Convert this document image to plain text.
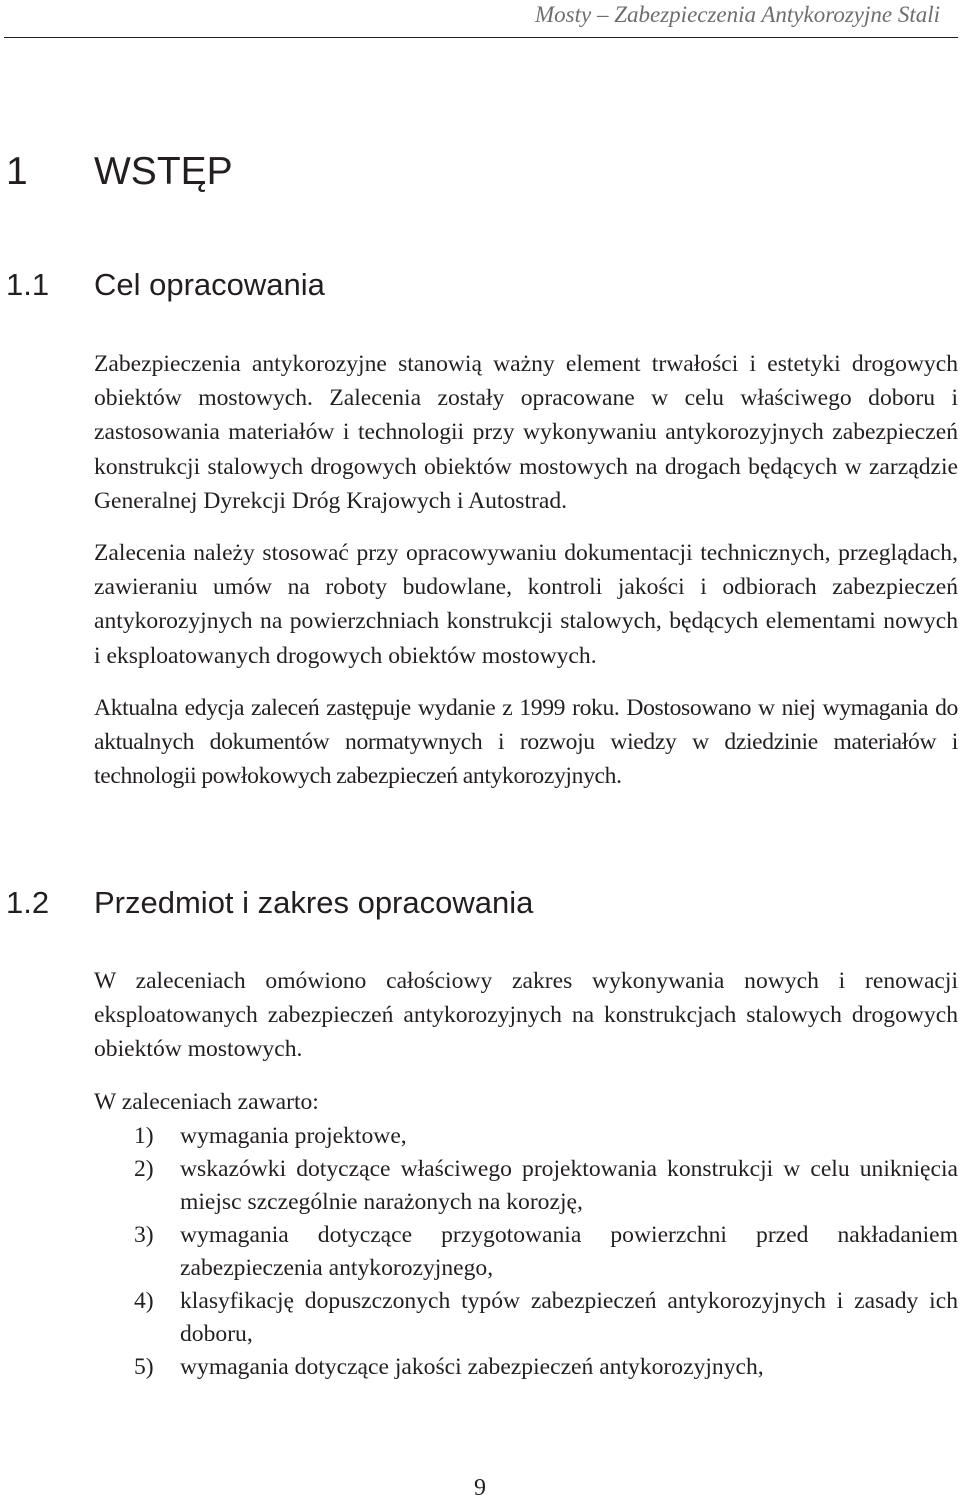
Mosty – Zabezpieczenia Antykorozyjne Stali
1 WSTĘP
1.1 Cel opracowania

Zabezpieczenia antykorozyjne stanowią ważny element trwałości i estetyki drogowych obiektów mostowych. Zalecenia zostały opracowane w celu właściwego doboru i zastosowania materiałów i technologii przy wykonywaniu antykorozyjnych zabezpieczeń konstrukcji stalowych drogowych obiektów mostowych na drogach będących w zarządzie Generalnej Dyrekcji Dróg Krajowych i Autostrad.

Zalecenia należy stosować przy opracowywaniu dokumentacji technicznych, przeglądach, zawieraniu umów na roboty budowlane, kontroli jakości i odbiorach zabezpieczeń antykorozyjnych na powierzchniach konstrukcji stalowych, będących elementami nowych i eksploatowanych drogowych obiektów mostowych.

Aktualna edycja zaleceń zastępuje wydanie z 1999 roku. Dostosowano w niej wymagania do aktualnych dokumentów normatywnych i rozwoju wiedzy w dziedzinie materiałów i technologii powłokowych zabezpieczeń antykorozyjnych.

1.2 Przedmiot i zakres opracowania

W zaleceniach omówiono całościowy zakres wykonywania nowych i renowacji eksploatowanych zabezpieczeń antykorozyjnych na konstrukcjach stalowych drogowych obiektów mostowych.

W zaleceniach zawarto:

1) wymagania projektowe,
2) wskazówki dotyczące właściwego projektowania konstrukcji w celu uniknięcia miejsc szczególnie narażonych na korozję,
3) wymagania dotyczące przygotowania powierzchni przed nakładaniem zabezpieczenia antykorozyjnego,
4) klasyfikację dopuszczonych typów zabezpieczeń antykorozyjnych i zasady ich doboru,
5) wymagania dotyczące jakości zabezpieczeń antykorozyjnych,
9
